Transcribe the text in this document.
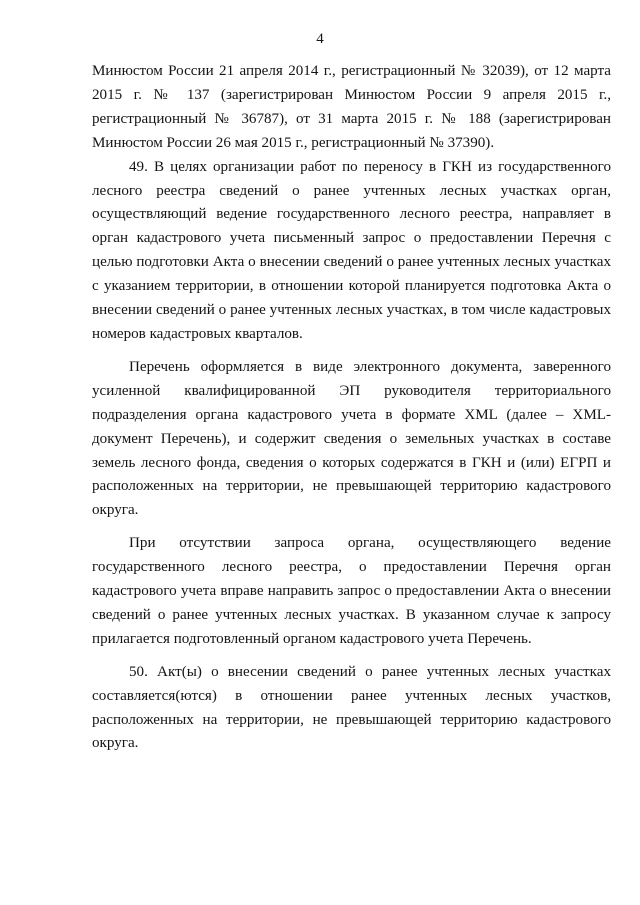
4

Минюстом России 21 апреля 2014 г., регистрационный № 32039), от 12 марта 2015 г. № 137 (зарегистрирован Минюстом России 9 апреля 2015 г., регистрационный № 36787), от 31 марта 2015 г. № 188 (зарегистрирован Минюстом России 26 мая 2015 г., регистрационный № 37390).

49. В целях организации работ по переносу в ГКН из государственного лесного реестра сведений о ранее учтенных лесных участках орган, осуществляющий ведение государственного лесного реестра, направляет в орган кадастрового учета письменный запрос о предоставлении Перечня с целью подготовки Акта о внесении сведений о ранее учтенных лесных участках с указанием территории, в отношении которой планируется подготовка Акта о внесении сведений о ранее учтенных лесных участках, в том числе кадастровых номеров кадастровых кварталов.

Перечень оформляется в виде электронного документа, заверенного усиленной квалифицированной ЭП руководителя территориального подразделения органа кадастрового учета в формате XML (далее – XML-документ Перечень), и содержит сведения о земельных участках в составе земель лесного фонда, сведения о которых содержатся в ГКН и (или) ЕГРП и расположенных на территории, не превышающей территорию кадастрового округа.

При отсутствии запроса органа, осуществляющего ведение государственного лесного реестра, о предоставлении Перечня орган кадастрового учета вправе направить запрос о предоставлении Акта о внесении сведений о ранее учтенных лесных участках. В указанном случае к запросу прилагается подготовленный органом кадастрового учета Перечень.

50. Акт(ы) о внесении сведений о ранее учтенных лесных участках составляется(ются) в отношении ранее учтенных лесных участков, расположенных на территории, не превышающей территорию кадастрового округа.
